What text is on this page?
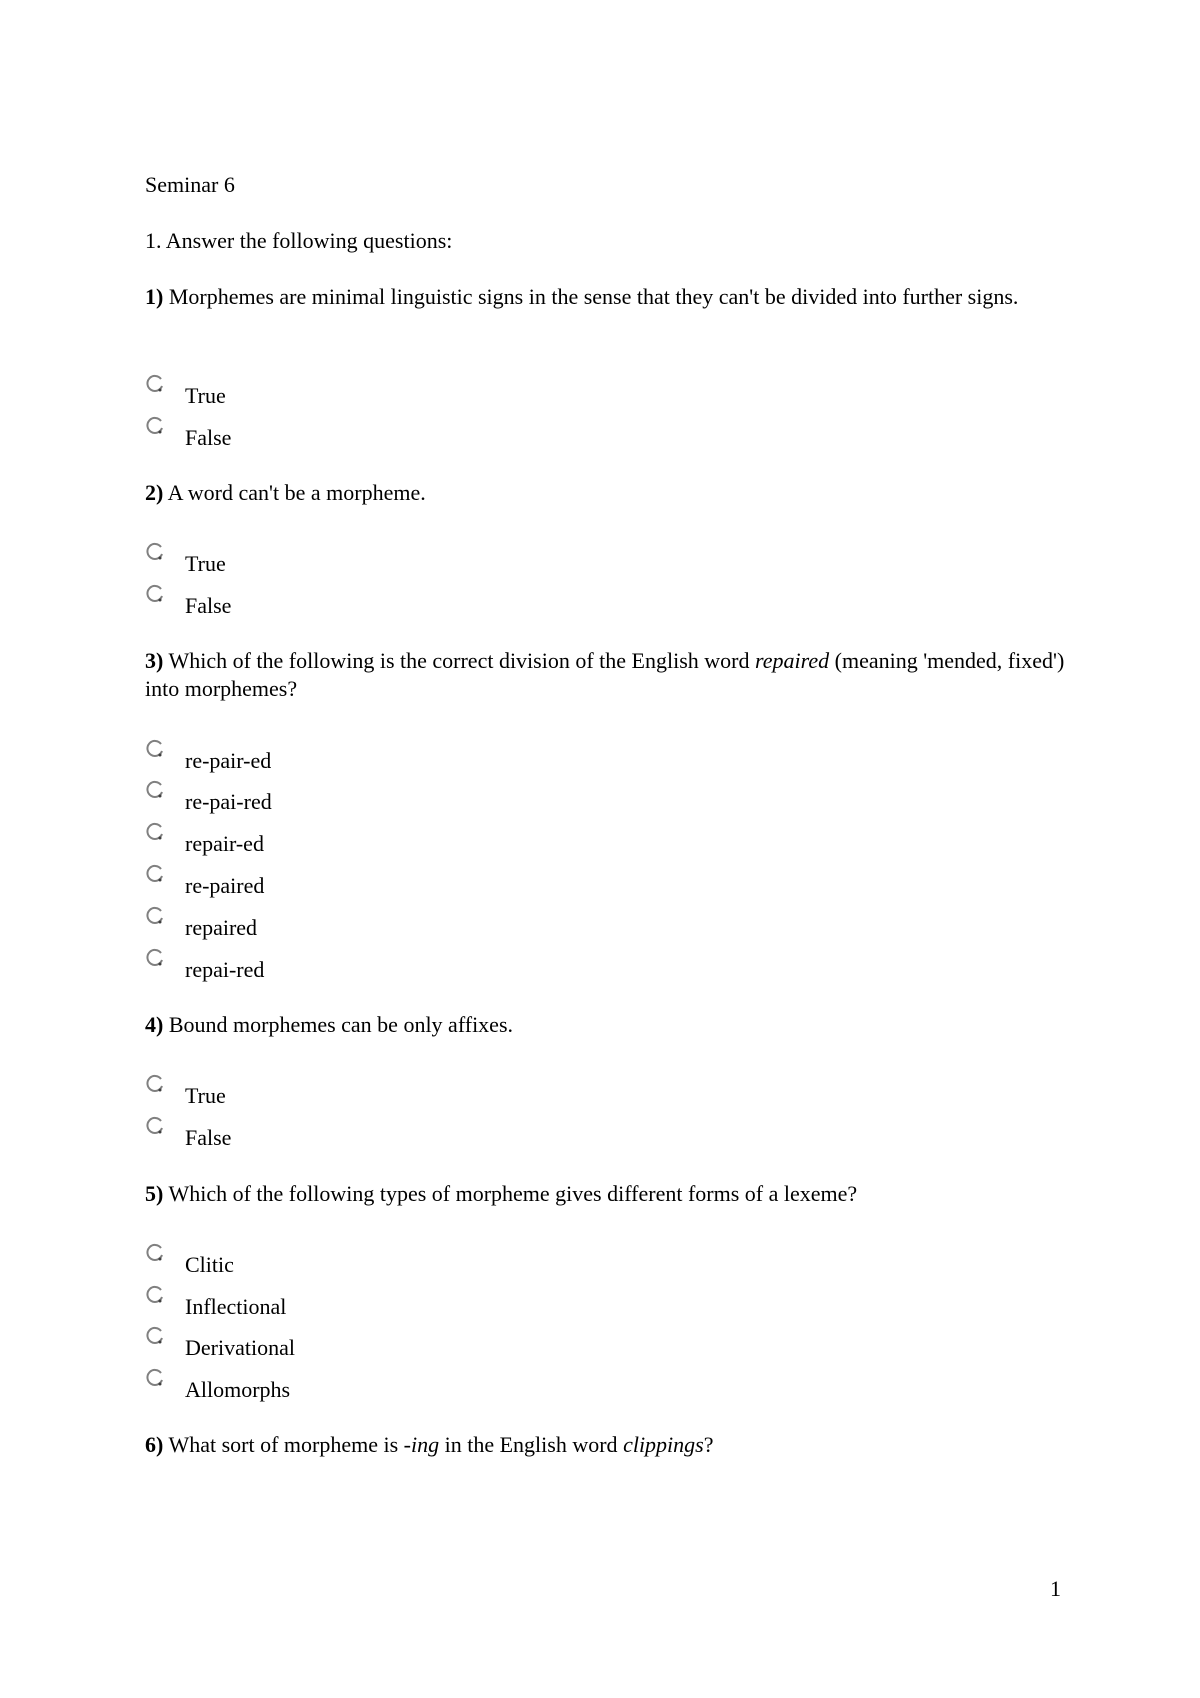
Seminar 6
1. Answer the following questions:
1) Morphemes are minimal linguistic signs in the sense that they can't be divided into further signs.
True
False
2) A word can't be a morpheme.
True
False
3) Which of the following is the correct division of the English word repaired (meaning 'mended, fixed') into morphemes?
re-pair-ed
re-pai-red
repair-ed
re-paired
repaired
repai-red
4) Bound morphemes can be only affixes.
True
False
5) Which of the following types of morpheme gives different forms of a lexeme?
Clitic
Inflectional
Derivational
Allomorphs
6) What sort of morpheme is -ing in the English word clippings?
1
